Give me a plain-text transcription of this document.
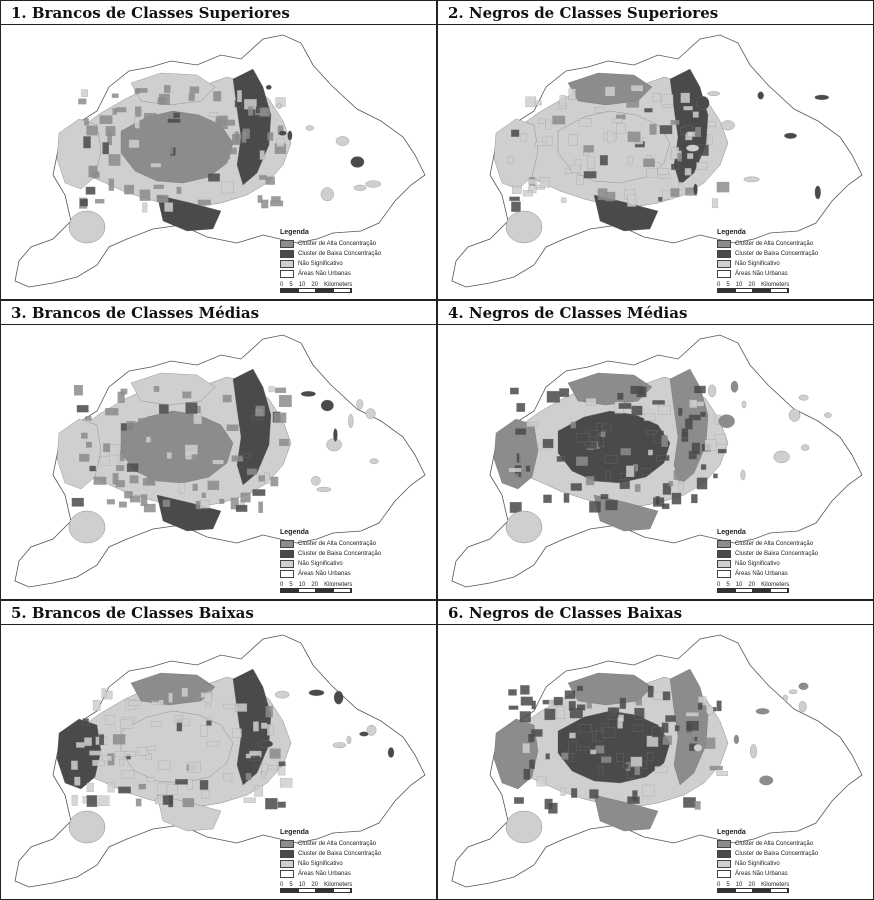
1. Brancos de Classes Superiores
Legenda
Cluster de Alta Concentração
Cluster de Baixa Concentração
Não Significativo
Áreas Não Urbanas
0 5 10 20 Kilometers
2. Negros de Classes Superiores
Legenda
Cluster de Alta Concentração
Cluster de Baixa Concentração
Não Significativo
Áreas Não Urbanas
0 5 10 20 Kilometers
3. Brancos de Classes Médias
Legenda
Cluster de Alta Concentração
Cluster de Baixa Concentração
Não Significativo
Áreas Não Urbanas
0 5 10 20 Kilometers
4. Negros de Classes Médias
Legenda
Cluster de Alta Concentração
Cluster de Baixa Concentração
Não Significativo
Áreas Não Urbanas
0 5 10 20 Kilometers
5. Brancos de Classes Baixas
Legenda
Cluster de Alta Concentração
Cluster de Baixa Concentração
Não Significativo
Áreas Não Urbanas
0 5 10 20 Kilometers
6. Negros de Classes Baixas
Legenda
Cluster de Alta Concentração
Cluster de Baixa Concentração
Não Significativo
Áreas Não Urbanas
0 5 10 20 Kilometers
